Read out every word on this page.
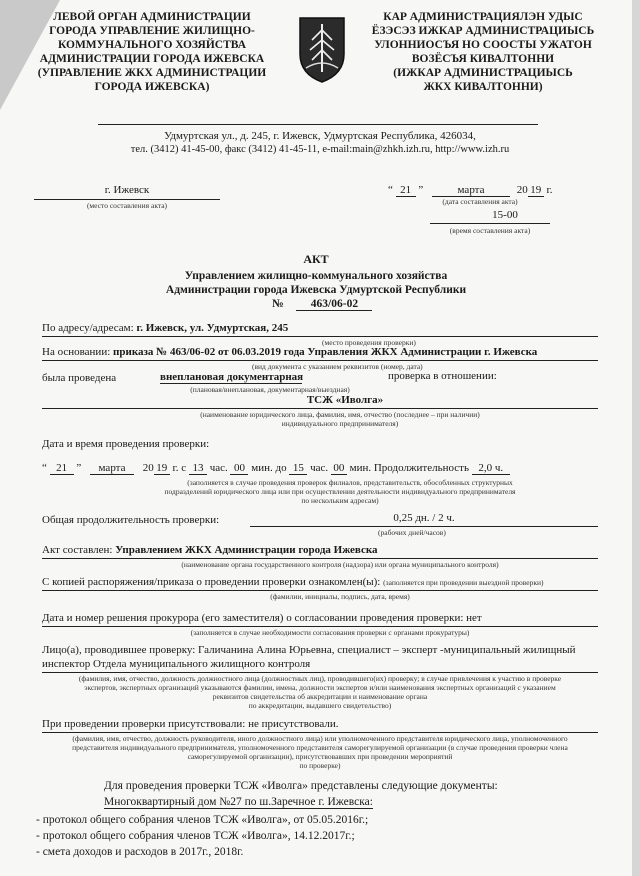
ЛЕВОЙ ОРГАН АДМИНИСТРАЦИИ
ГОРОДА УПРАВЛЕНИЕ ЖИЛИЩНО-
КОММУНАЛЬНОГО ХОЗЯЙСТВА
АДМИНИСТРАЦИИ ГОРОДА ИЖЕВСКА
(УПРАВЛЕНИЕ ЖКХ АДМИНИСТРАЦИИ
ГОРОДА ИЖЕВСКА)
КАР АДМИНИСТРАЦИЯЛЭН УДЫС
ЁЗЭСЭЗ ИЖКАР АДМИНИСТРАЦИЫСЬ
УЛОННИОСЪЯ НО СООСТЫ УЖАТОН
ВОЗЁСЪЯ КИВАЛТОННИ
(ИЖКАР АДМИНИСТРАЦИЫСЬ
ЖКХ КИВАЛТОННИ)
Удмуртская ул., д. 245, г. Ижевск, Удмуртская Республика, 426034,
тел. (3412) 41-45-00, факс (3412) 41-45-11, e-mail:main@zhkh.izh.ru, http://www.izh.ru
г. Ижевск
(место составления акта)
“ 21 ”	марта	20 19 г.
(дата составления акта)
15-00
(время составления акта)
АКТ
Управлением жилищно-коммунального хозяйства
Администрации города Ижевска Удмуртской Республики
№ 463/06-02
По адресу/адресам: г. Ижевск, ул. Удмуртская, 245
(место проведения проверки)
На основании: приказа № 463/06-02 от 06.03.2019 года Управления ЖКХ Администрации г. Ижевска
(вид документа с указанием реквизитов (номер, дата)
была проведена	внеплановая документарная	проверка в отношении:
(плановая/внеплановая, документарная/выездная)
ТСЖ «Иволга»
(наименование юридического лица, фамилия, имя, отчество (последнее – при наличии)
индивидуального предпринимателя)
Дата и время проведения проверки:
“ 21 ” марта 20 19 г. с 13 час. 00 мин. до 15 час. 00 мин. Продолжительность 2,0 ч.
(заполняется в случае проведения проверок филиалов, представительств, обособленных структурных
подразделений юридического лица или при осуществлении деятельности индивидуального предпринимателя
по нескольким адресам)
Общая продолжительность проверки:	0,25 дн. / 2 ч.
(рабочих дней/часов)
Акт составлен: Управлением ЖКХ Администрации города Ижевска
(наименование органа государственного контроля (надзора) или органа муниципального контроля)
С копией распоряжения/приказа о проведении проверки ознакомлен(ы): (заполняется при проведении выездной проверки)
(фамилии, инициалы, подпись, дата, время)
Дата и номер решения прокурора (его заместителя) о согласовании проведения проверки: нет
(заполняется в случае необходимости согласования проверки с органами прокуратуры)
Лицо(а), проводившее проверку: Галичанина Алина Юрьевна, специалист – эксперт -муниципальный жилищный
инспектор Отдела муниципального жилищного контроля
(фамилия, имя, отчество, должность должностного лица (должностных лиц), проводившего(их) проверку; в случае привлечения к участию в проверке
экспертов, экспертных организаций указываются фамилии, имена, должности экспертов и/или наименования экспертных организаций с указанием
реквизитов свидетельства об аккредитации и наименование органа
по аккредитации, выдавшего свидетельство)
При проведении проверки присутствовали: не присутствовали.
(фамилия, имя, отчество, должность руководителя, иного должностного лица) или уполномоченного представителя юридического лица, уполномоченного
представителя индивидуального предпринимателя, уполномоченного представителя саморегулируемой организации (в случае проведения проверки члена
саморегулируемой организации), присутствовавших при проведении мероприятий
по проверке)
Для проведения проверки ТСЖ «Иволга» представлены следующие документы:
Многоквартирный дом №27 по ш.Заречное г. Ижевска:
- протокол общего собрания членов ТСЖ «Иволга», от 05.05.2016г.;
- протокол общего собрания членов ТСЖ «Иволга», 14.12.2017г.;
- смета доходов и расходов в 2017г., 2018г.
